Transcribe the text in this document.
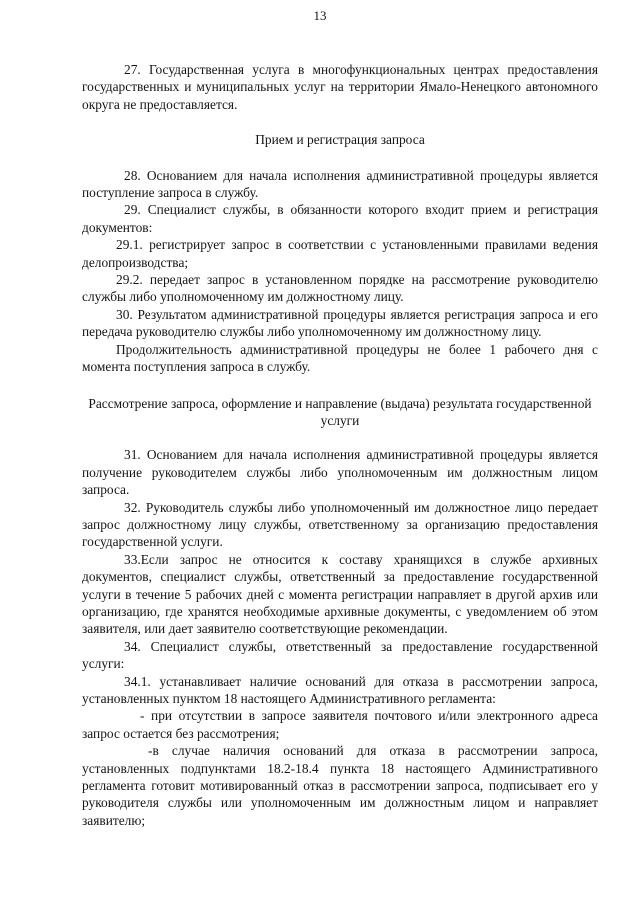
13

27. Государственная услуга в многофункциональных центрах предоставления государственных и муниципальных услуг на территории Ямало-Ненецкого автономного округа не предоставляется.

Прием и регистрация запроса

28. Основанием для начала исполнения административной процедуры является поступление запроса в службу.

29. Специалист службы, в обязанности которого входит прием и регистрация документов:

29.1. регистрирует запрос в соответствии с установленными правилами ведения делопроизводства;

29.2. передает запрос в установленном порядке на рассмотрение руководителю службы либо уполномоченному им должностному лицу.

30. Результатом административной процедуры является регистрация запроса и его передача руководителю службы либо уполномоченному им должностному лицу.

Продолжительность административной процедуры не более 1 рабочего дня с момента поступления запроса в службу.

Рассмотрение запроса, оформление и направление (выдача) результата государственной услуги

31. Основанием для начала исполнения административной процедуры является получение руководителем службы либо уполномоченным им должностным лицом запроса.

32. Руководитель службы либо уполномоченный им должностное лицо передает запрос должностному лицу службы, ответственному за организацию предоставления государственной услуги.

33.Если запрос не относится к составу хранящихся в службе архивных документов, специалист службы, ответственный за предоставление государственной услуги в течение 5 рабочих дней с момента регистрации направляет в другой архив или организацию, где хранятся необходимые архивные документы, с уведомлением об этом заявителя, или дает заявителю соответствующие рекомендации.

34. Специалист службы, ответственный за предоставление государственной услуги:

34.1. устанавливает наличие оснований для отказа в рассмотрении запроса, установленных пунктом 18 настоящего Административного регламента:

- при отсутствии в запросе заявителя почтового и/или электронного адреса запрос остается без рассмотрения;

-в случае наличия оснований для отказа в рассмотрении запроса, установленных подпунктами 18.2-18.4 пункта 18 настоящего Административного регламента готовит мотивированный отказ в рассмотрении запроса, подписывает его у руководителя службы или уполномоченным им должностным лицом и направляет заявителю;
